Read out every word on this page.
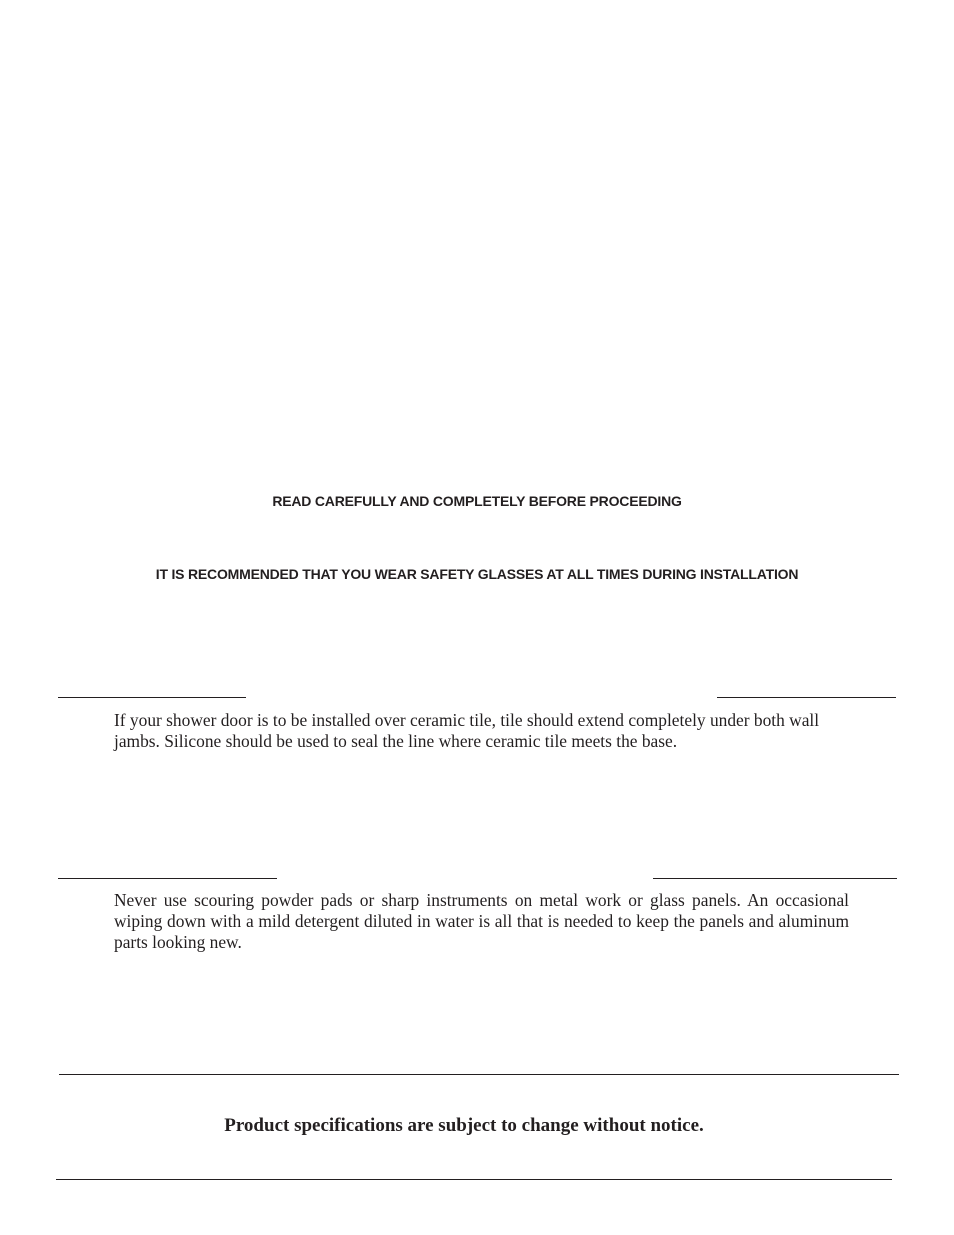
READ CAREFULLY AND COMPLETELY BEFORE PROCEEDING
IT IS RECOMMENDED THAT YOU WEAR SAFETY GLASSES AT ALL TIMES DURING INSTALLATION
If your shower door is to be installed over ceramic tile, tile should extend completely under both wall jambs. Silicone should be used to seal the line where ceramic tile meets the base.
Never use scouring powder pads or sharp instruments on metal work or glass panels. An occasional wiping down with a mild detergent diluted in water is all that is needed to keep the panels and aluminum parts looking new.
Product specifications are subject to change without notice.
